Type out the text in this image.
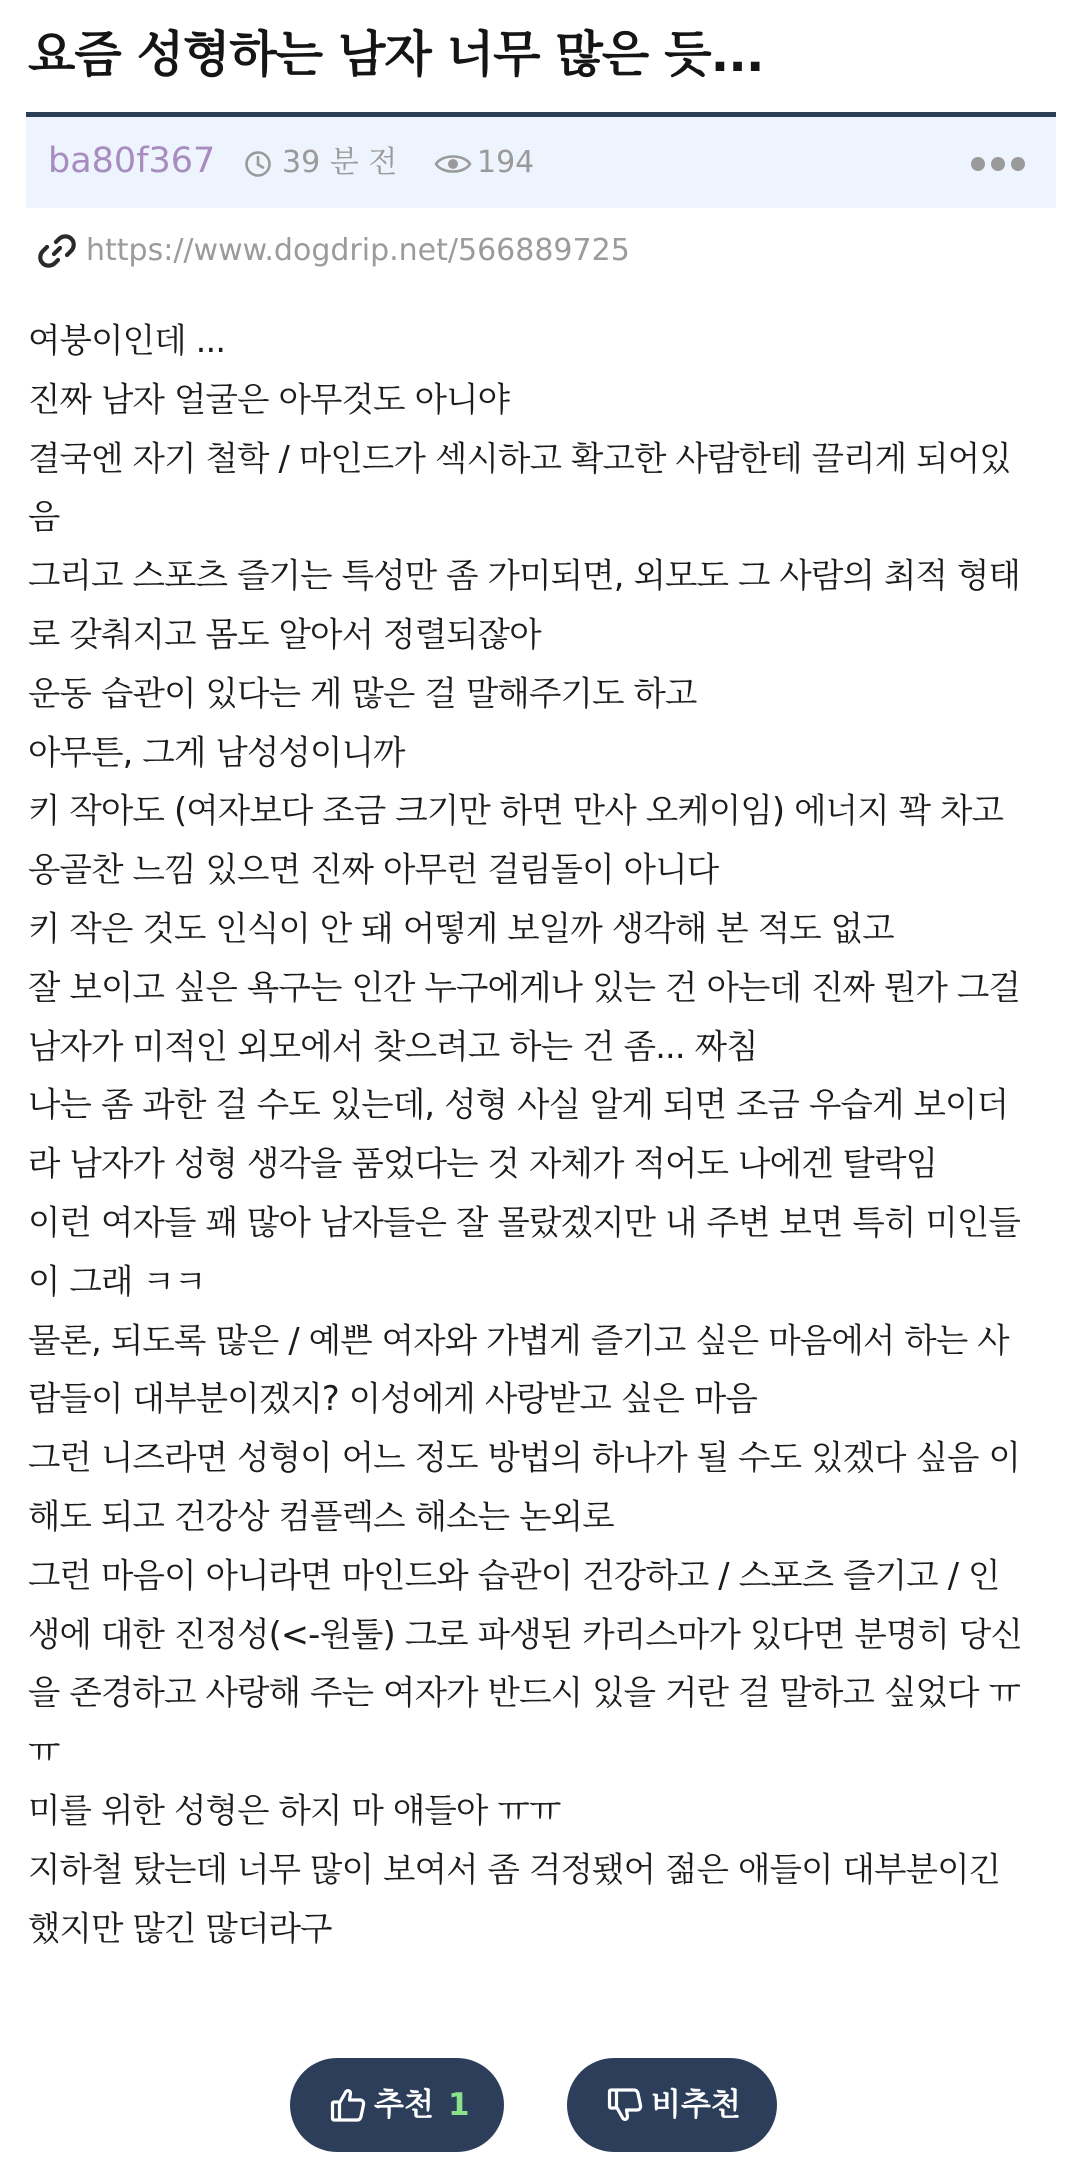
요즘 성형하는 남자 너무 많은 듯...
ba80f367 39 분 전	194
https://www.dogdrip.net/566889725
여붕이인데 ...
진짜 남자 얼굴은 아무것도 아니야
결국엔 자기 철학 / 마인드가 섹시하고 확고한 사람한테 끌리게 되어있
음
그리고 스포츠 즐기는 특성만 좀 가미되면, 외모도 그 사람의 최적 형태
로 갖춰지고 몸도 알아서 정렬되잖아
운동 습관이 있다는 게 많은 걸 말해주기도 하고
아무튼, 그게 남성성이니까
키 작아도 (여자보다 조금 크기만 하면 만사 오케이임) 에너지 꽉 차고
옹골찬 느낌 있으면 진짜 아무런 걸림돌이 아니다
키 작은 것도 인식이 안 돼 어떻게 보일까 생각해 본 적도 없고
잘 보이고 싶은 욕구는 인간 누구에게나 있는 건 아는데 진짜 뭔가 그걸
남자가 미적인 외모에서 찾으려고 하는 건 좀... 짜침
나는 좀 과한 걸 수도 있는데, 성형 사실 알게 되면 조금 우습게 보이더
라 남자가 성형 생각을 품었다는 것 자체가 적어도 나에겐 탈락임
이런 여자들 꽤 많아 남자들은 잘 몰랐겠지만 내 주변 보면 특히 미인들
이 그래 ㅋㅋ
물론, 되도록 많은 / 예쁜 여자와 가볍게 즐기고 싶은 마음에서 하는 사
람들이 대부분이겠지? 이성에게 사랑받고 싶은 마음
그런 니즈라면 성형이 어느 정도 방법의 하나가 될 수도 있겠다 싶음 이
해도 되고 건강상 컴플렉스 해소는 논외로
그런 마음이 아니라면 마인드와 습관이 건강하고 / 스포츠 즐기고 / 인
생에 대한 진정성(<-원툴) 그로 파생된 카리스마가 있다면 분명히 당신
을 존경하고 사랑해 주는 여자가 반드시 있을 거란 걸 말하고 싶었다 ㅠ
ㅠ
미를 위한 성형은 하지 마 얘들아 ㅠㅠ
지하철 탔는데 너무 많이 보여서 좀 걱정됐어 젊은 애들이 대부분이긴
했지만 많긴 많더라구
추천 1	비추천
